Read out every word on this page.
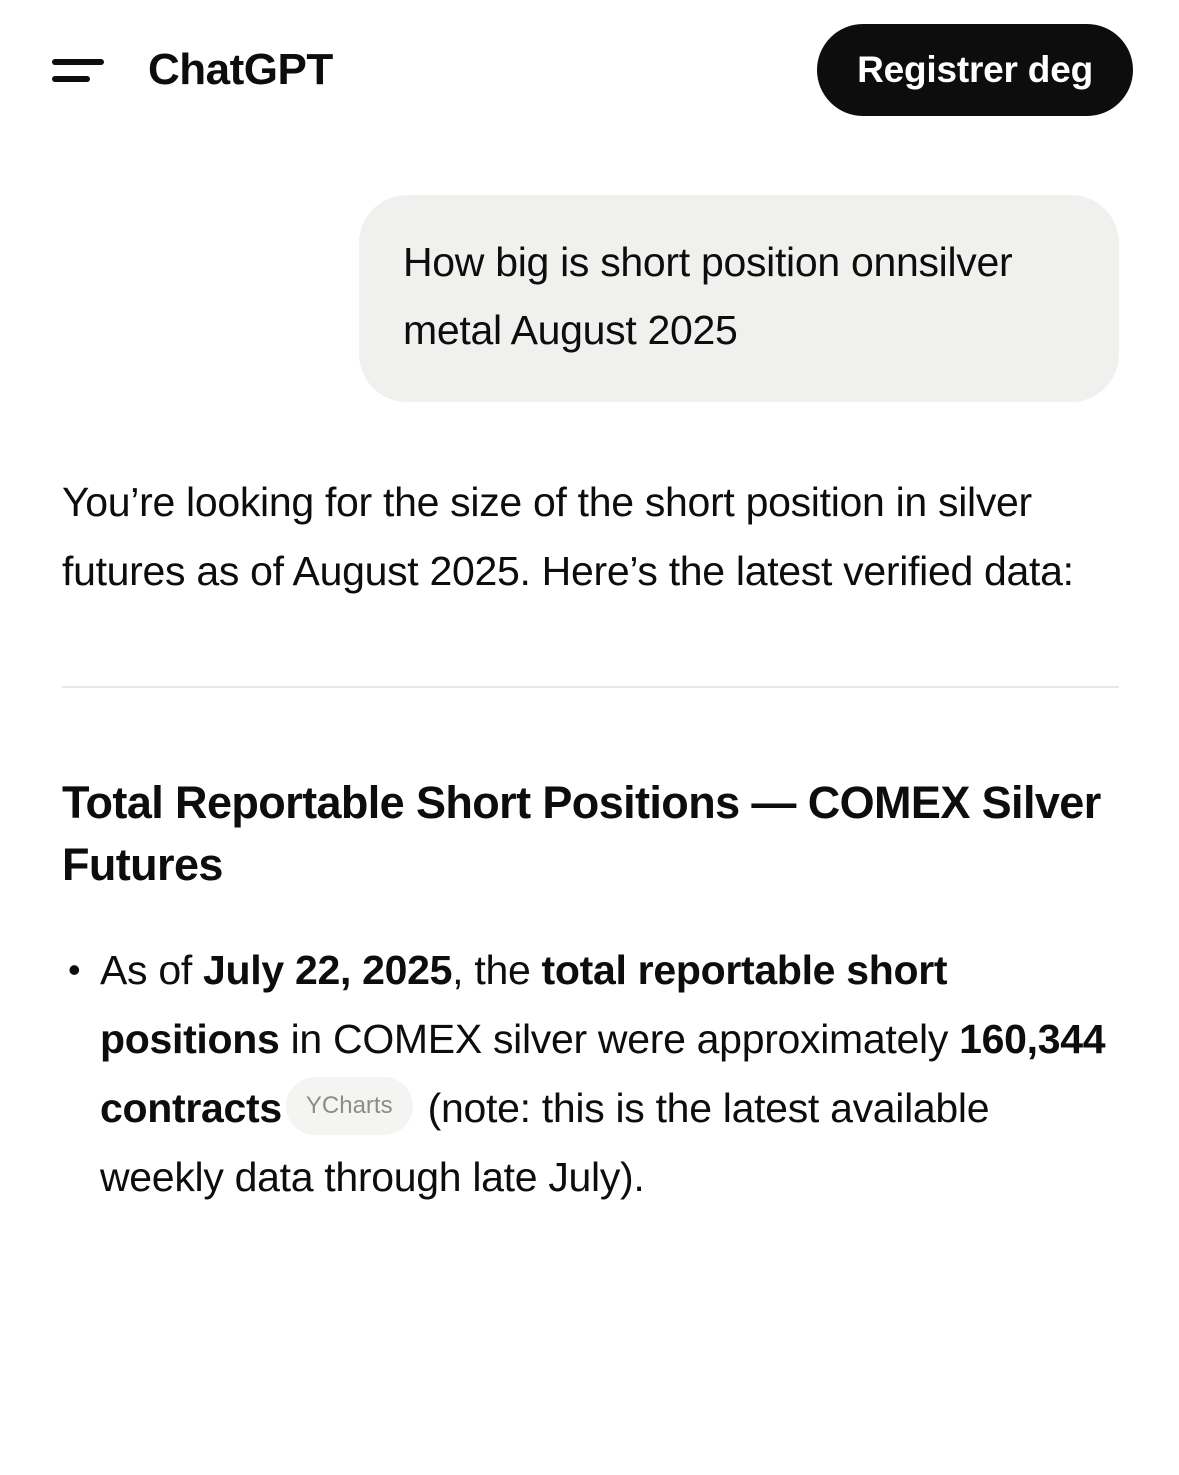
ChatGPT	Registrer deg
How big is short position onnsilver metal August 2025

You’re looking for the size of the short position in silver futures as of August 2025. Here’s the latest verified data:

Total Reportable Short Positions — COMEX Silver Futures
• As of July 22, 2025, the total reportable short positions in COMEX silver were approximately 160,344 contracts YCharts (note: this is the latest available weekly data through late July).
